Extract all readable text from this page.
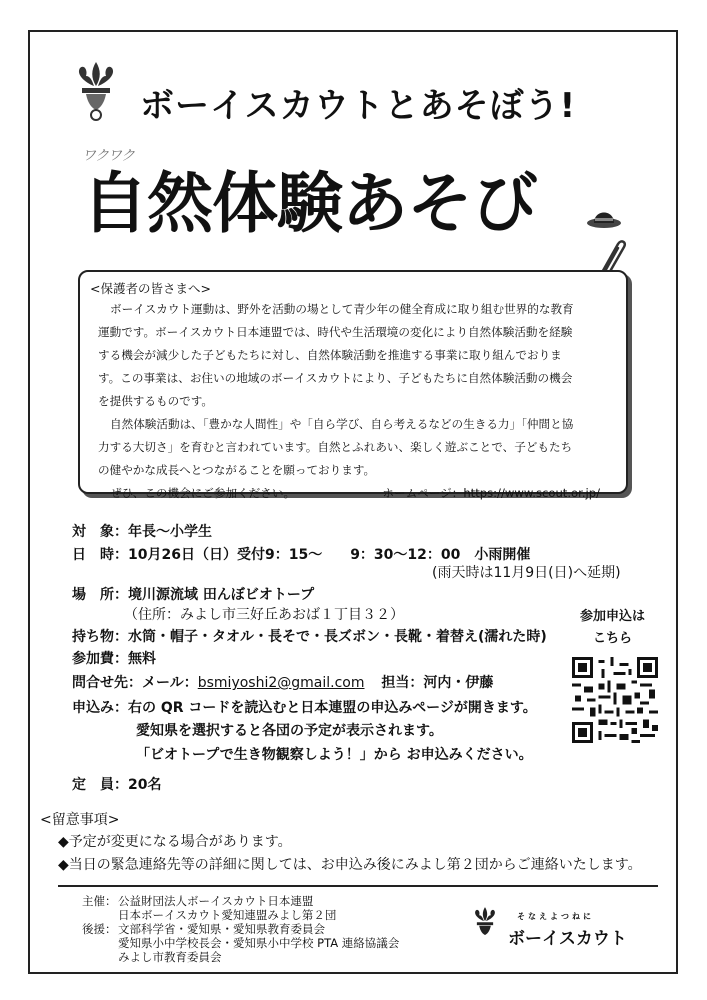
ボーイスカウトとあそぼう!
ワクワク
自然体験あそび
<保護者の皆さまへ>

ボーイスカウト運動は、野外を活動の場として青少年の健全育成に取り組む世界的な教育

運動です。ボーイスカウト日本連盟では、時代や生活環境の変化により自然体験活動を経験

する機会が減少した子どもたちに対し、自然体験活動を推進する事業に取り組んでおりま

す。この事業は、お住いの地域のボーイスカウトにより、子どもたちに自然体験活動の機会

を提供するものです。

自然体験活動は、「豊かな人間性」や「自ら学び、自ら考えるなどの生きる力」「仲間と協

力する大切さ」を育むと言われています。自然とふれあい、楽しく遊ぶことで、子どもたち

の健やかな成長へとつながることを願っております。

ぜひ、この機会にご参加ください。	ホームページ：https://www.scout.or.jp/

対　象：年長～小学生
日　時：10月26日（日）受付9：15～　　9：30～12：00　小雨開催
(雨天時は11月9日(日)へ延期)
場　所：境川源流域 田んぼビオトープ
（住所：みよし市三好丘あおば１丁目３２）
持ち物：水筒・帽子・タオル・長そで・長ズボン・長靴・着替え(濡れた時)
参加費：無料
問合せ先：メール：bsmiyoshi2@gmail.com 担当：河内・伊藤
申込み：右の QR コードを読込むと日本連盟の申込みページが開きます。
愛知県を選択すると各団の予定が表示されます。
「ビオトープで生き物観察しよう！」から お申込みください。
定　員：20名
参加申込は
こちら
<留意事項>
◆予定が変更になる場合があります。
◆当日の緊急連絡先等の詳細に関しては、お申込み後にみよし第２団からご連絡いたします。
主催： 公益財団法人ボーイスカウト日本連盟
日本ボーイスカウト愛知連盟みよし第２団
後援： 文部科学省・愛知県・愛知県教育委員会
愛知県小中学校長会・愛知県小中学校 PTA 連絡協議会
みよし市教育委員会
そなえよつねに
ボーイスカウト
